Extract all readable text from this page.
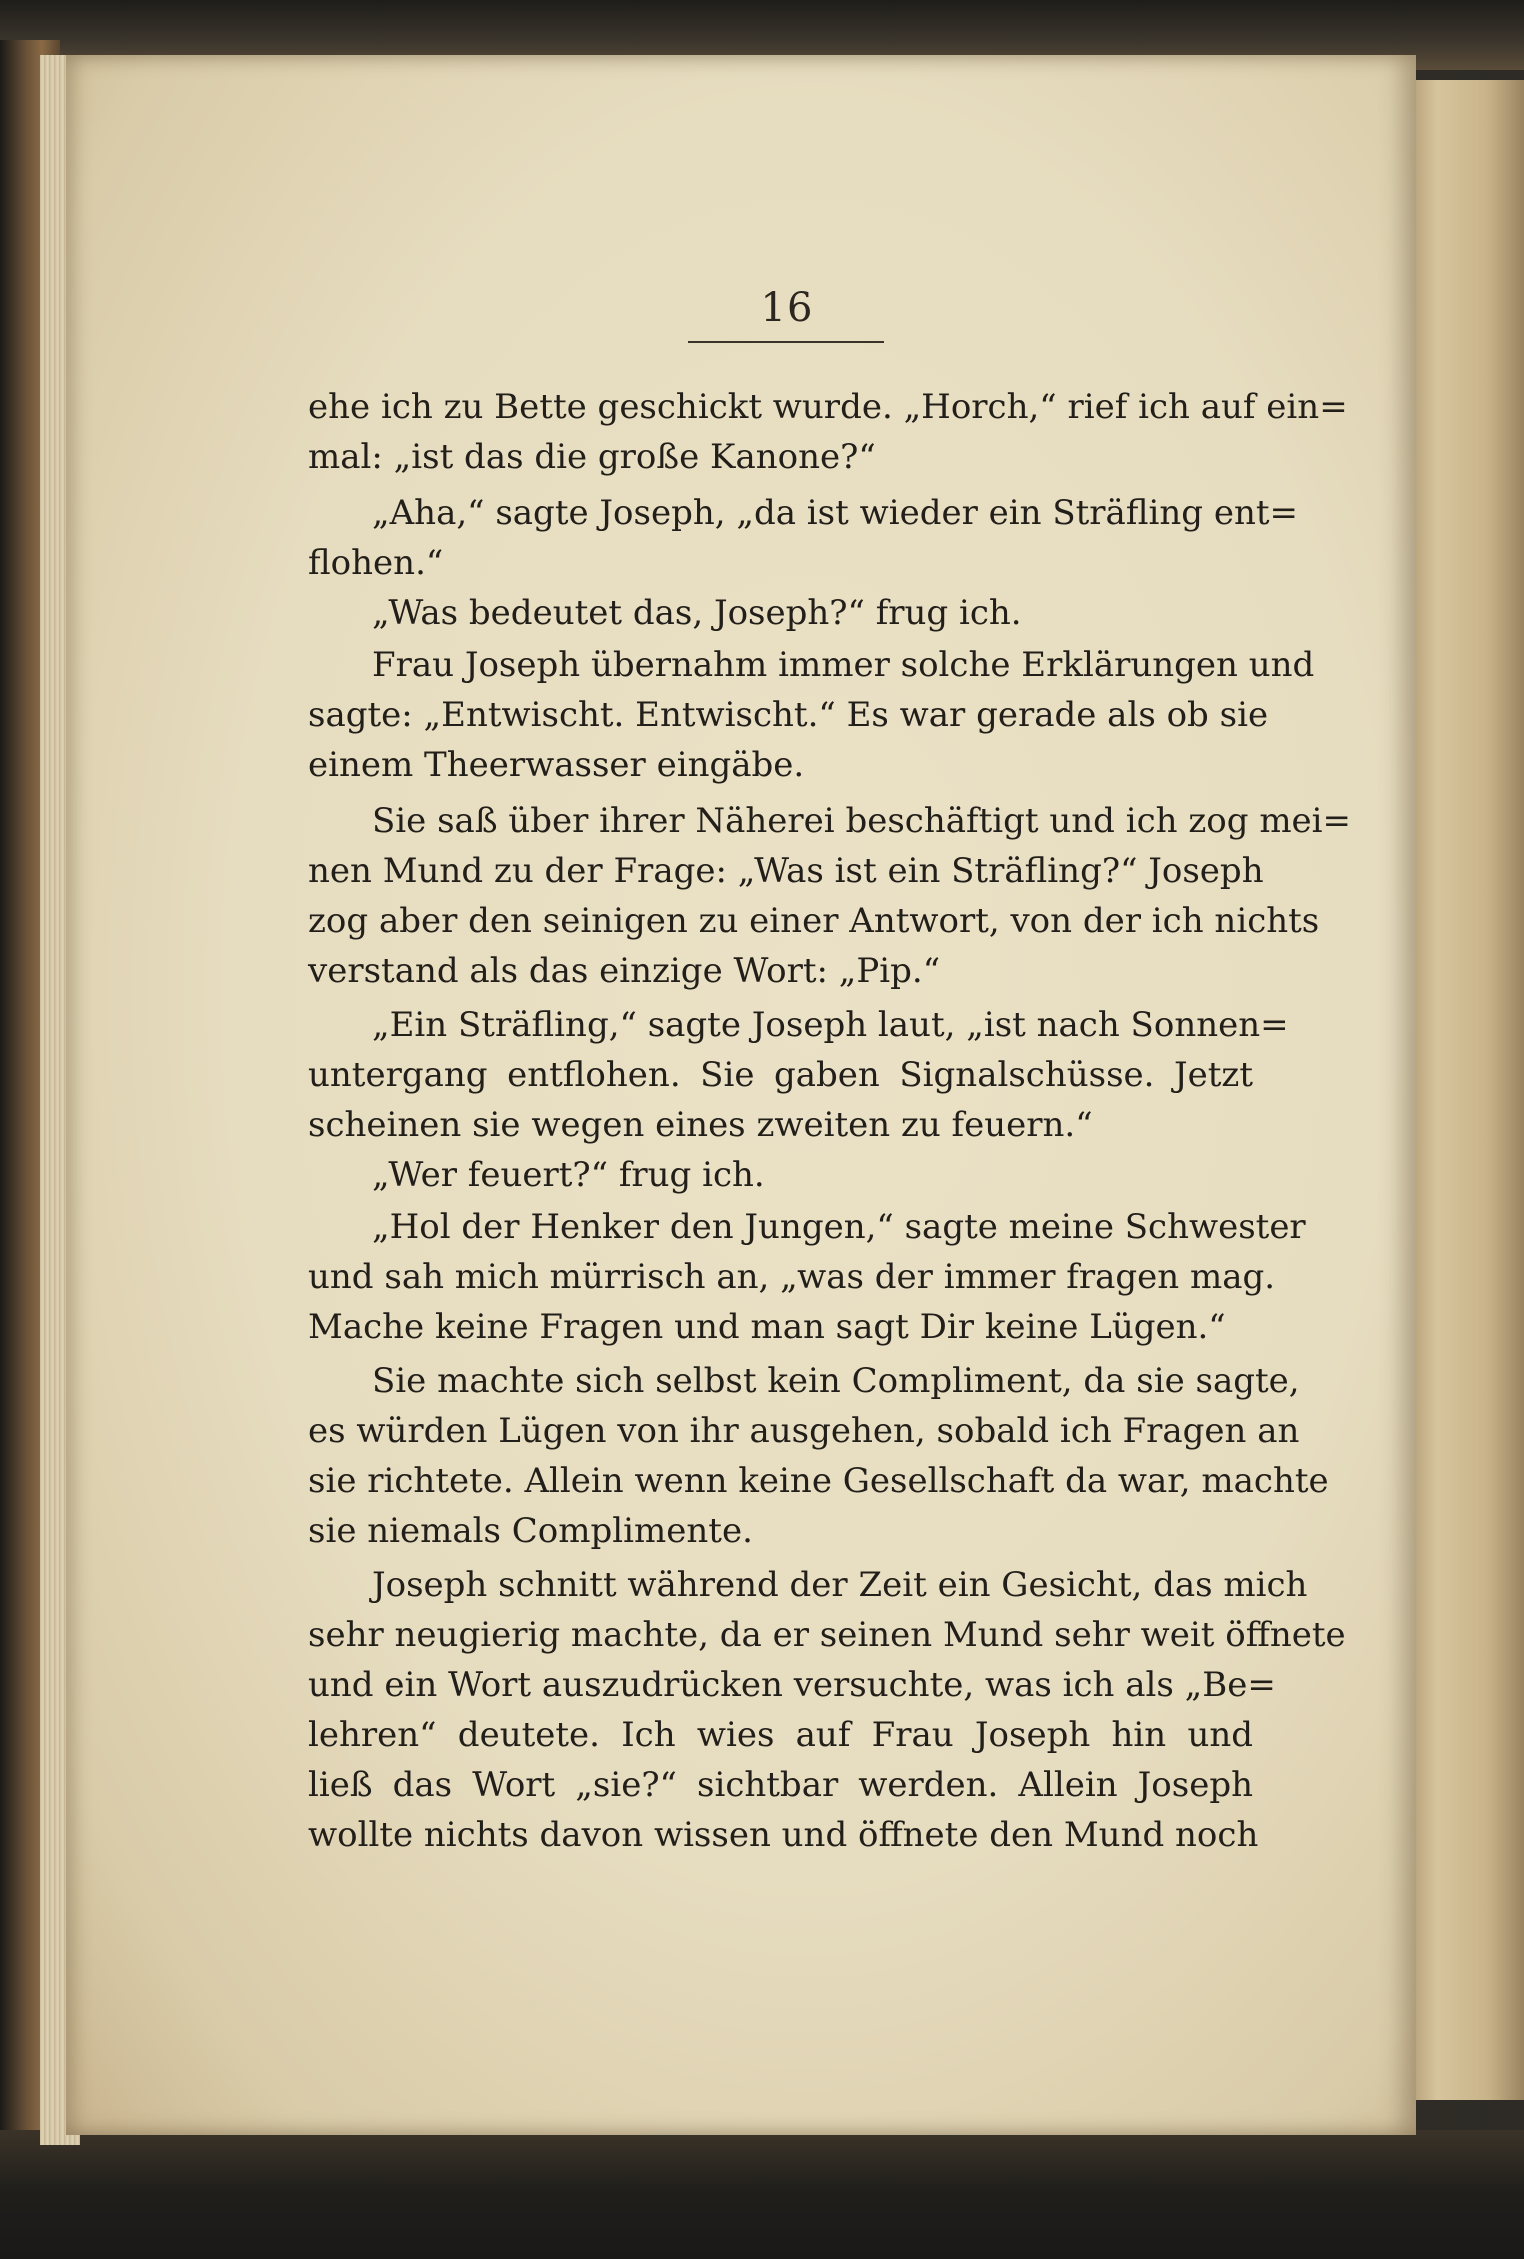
16
ehe ich zu Bette geschickt wurde. „Horch,“ rief ich auf ein=
mal: „ist das die große Kanone?“
„Aha,“ sagte Joseph, „da ist wieder ein Sträfling ent=
flohen.“
„Was bedeutet das, Joseph?“ frug ich.
Frau Joseph übernahm immer solche Erklärungen und
sagte: „Entwischt. Entwischt.“ Es war gerade als ob sie
einem Theerwasser eingäbe.
Sie saß über ihrer Näherei beschäftigt und ich zog mei=
nen Mund zu der Frage: „Was ist ein Sträfling?“ Joseph
zog aber den seinigen zu einer Antwort, von der ich nichts
verstand als das einzige Wort: „Pip.“
„Ein Sträfling,“ sagte Joseph laut, „ist nach Sonnen=
untergang entflohen. Sie gaben Signalschüsse. Jetzt
scheinen sie wegen eines zweiten zu feuern.“
„Wer feuert?“ frug ich.
„Hol der Henker den Jungen,“ sagte meine Schwester
und sah mich mürrisch an, „was der immer fragen mag.
Mache keine Fragen und man sagt Dir keine Lügen.“
Sie machte sich selbst kein Compliment, da sie sagte,
es würden Lügen von ihr ausgehen, sobald ich Fragen an
sie richtete. Allein wenn keine Gesellschaft da war, machte
sie niemals Complimente.
Joseph schnitt während der Zeit ein Gesicht, das mich
sehr neugierig machte, da er seinen Mund sehr weit öffnete
und ein Wort auszudrücken versuchte, was ich als „Be=
lehren“ deutete. Ich wies auf Frau Joseph hin und
ließ das Wort „sie?“ sichtbar werden. Allein Joseph
wollte nichts davon wissen und öffnete den Mund noch
